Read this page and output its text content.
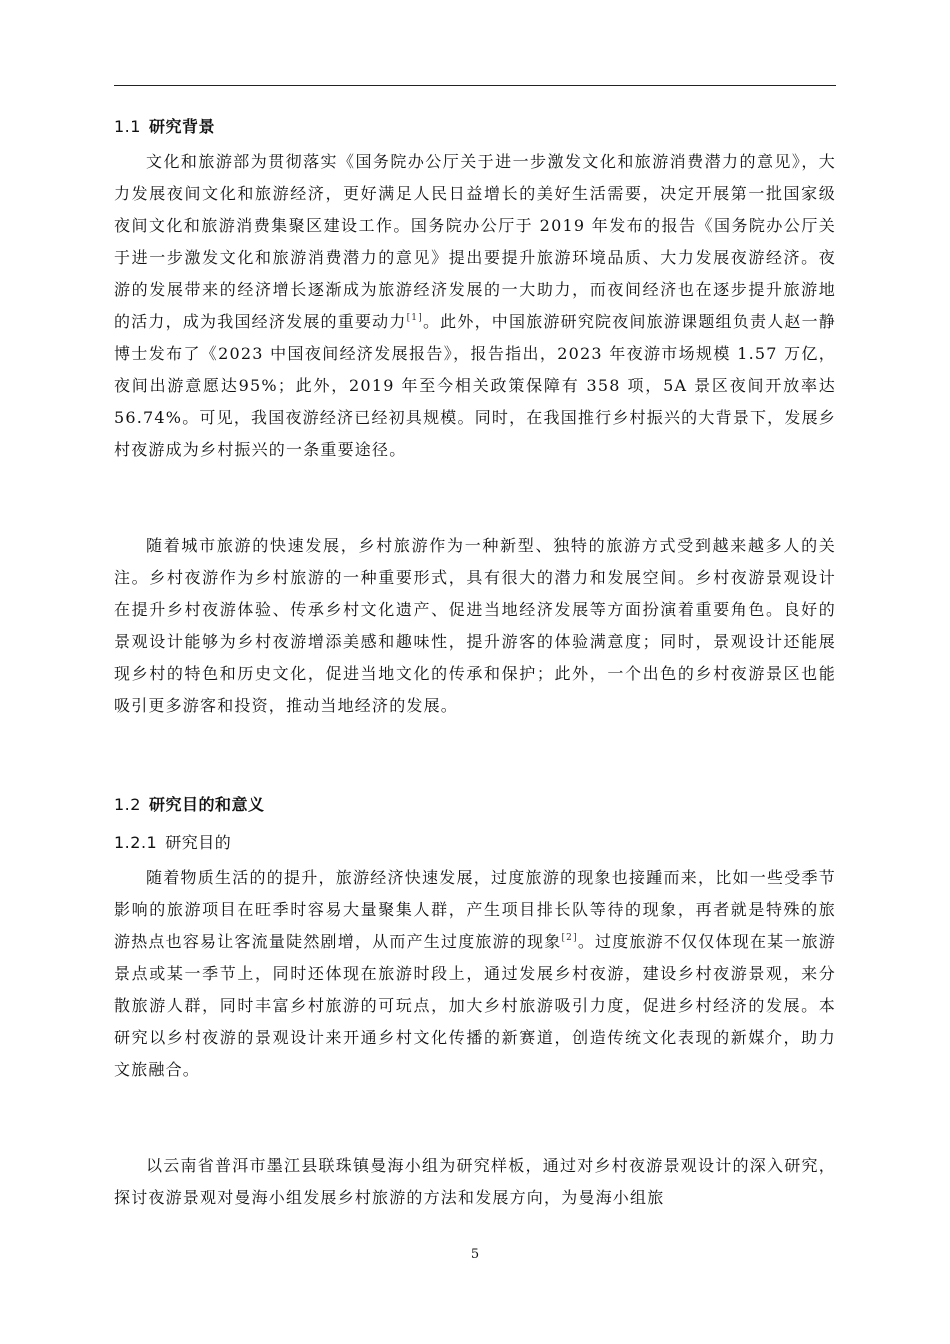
1.1 研究背景

文化和旅游部为贯彻落实《国务院办公厅关于进一步激发文化和旅游消费潜力的意见》，大力发展夜间文化和旅游经济，更好满足人民日益增长的美好生活需要，决定开展第一批国家级夜间文化和旅游消费集聚区建设工作。国务院办公厅于 2019 年发布的报告《国务院办公厅关于进一步激发文化和旅游消费潜力的意见》提出要提升旅游环境品质、大力发展夜游经济。夜游的发展带来的经济增长逐渐成为旅游经济发展的一大助力，而夜间经济也在逐步提升旅游地的活力，成为我国经济发展的重要动力[1]。此外，中国旅游研究院夜间旅游课题组负责人赵一静博士发布了《2023 中国夜间经济发展报告》，报告指出，2023 年夜游市场规模 1.57 万亿，夜间出游意愿达95%；此外，2019 年至今相关政策保障有 358 项，5A 景区夜间开放率达 56.74%。可见，我国夜游经济已经初具规模。同时，在我国推行乡村振兴的大背景下，发展乡村夜游成为乡村振兴的一条重要途径。

随着城市旅游的快速发展，乡村旅游作为一种新型、独特的旅游方式受到越来越多人的关注。乡村夜游作为乡村旅游的一种重要形式，具有很大的潜力和发展空间。乡村夜游景观设计在提升乡村夜游体验、传承乡村文化遗产、促进当地经济发展等方面扮演着重要角色。良好的景观设计能够为乡村夜游增添美感和趣味性，提升游客的体验满意度；同时，景观设计还能展现乡村的特色和历史文化，促进当地文化的传承和保护；此外，一个出色的乡村夜游景区也能吸引更多游客和投资，推动当地经济的发展。

1.2 研究目的和意义
1.2.1 研究目的

随着物质生活的的提升，旅游经济快速发展，过度旅游的现象也接踵而来，比如一些受季节影响的旅游项目在旺季时容易大量聚集人群，产生项目排长队等待的现象，再者就是特殊的旅游热点也容易让客流量陡然剧增，从而产生过度旅游的现象[2]。过度旅游不仅仅体现在某一旅游景点或某一季节上，同时还体现在旅游时段上，通过发展乡村夜游，建设乡村夜游景观，来分散旅游人群，同时丰富乡村旅游的可玩点，加大乡村旅游吸引力度，促进乡村经济的发展。本研究以乡村夜游的景观设计来开通乡村文化传播的新赛道，创造传统文化表现的新媒介，助力文旅融合。

以云南省普洱市墨江县联珠镇曼海小组为研究样板，通过对乡村夜游景观设计的深入研究，探讨夜游景观对曼海小组发展乡村旅游的方法和发展方向，为曼海小组旅

5
